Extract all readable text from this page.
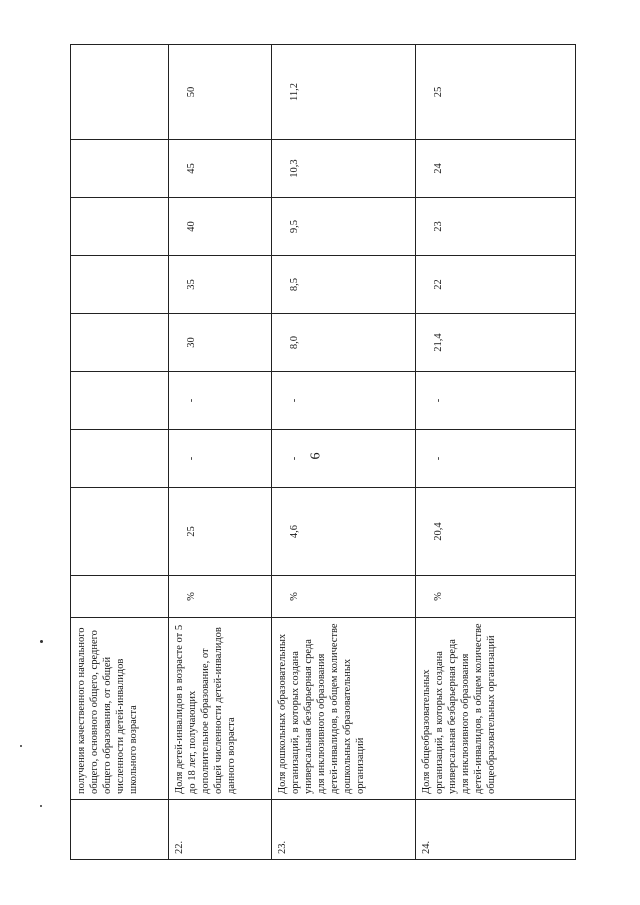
6
	получения качественного начального общего, основного общего, среднего общего образования, от общей численности детей-инвалидов школьного возраста									
22.	Доля детей-инвалидов в возрасте от 5 до 18 лет, получающих дополнительное образование, от общей численности детей-инвалидов данного возраста	%	25	-	-	30	35	40	45	50
23.	Доля дошкольных образовательных организаций, в которых создана универсальная безбарьерная среда для инклюзивного образования детей-инвалидов, в общем количестве дошкольных образовательных организаций	%	4,6	-	-	8,0	8,5	9,5	10,3	11,2
24.	Доля общеобразовательных организаций, в которых создана универсальная безбарьерная среда для инклюзивного образования детей-инвалидов, в общем количестве общеобразовательных организаций	%	20,4	-	-	21,4	22	23	24	25
